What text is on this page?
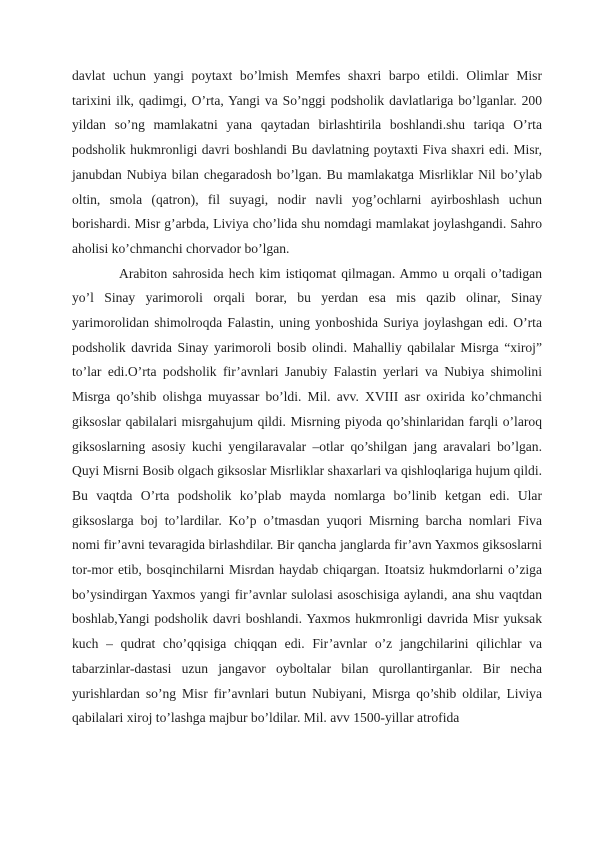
davlat uchun yangi poytaxt bo’lmish Memfes shaxri barpo etildi. Olimlar Misr tarixini ilk, qadimgi, O’rta, Yangi va So’nggi podsholik davlatlariga bo’lganlar. 200 yildan so’ng mamlakatni yana qaytadan birlashtirila boshlandi.shu tariqa O’rta podsholik hukmronligi davri boshlandi Bu davlatning poytaxti Fiva shaxri edi. Misr, janubdan Nubiya bilan chegaradosh bo’lgan. Bu mamlakatga Misrliklar Nil bo’ylab oltin, smola (qatron), fil suyagi, nodir navli yog’ochlarni ayirboshlash uchun borishardi. Misr g’arbda, Liviya cho’lida shu nomdagi mamlakat joylashgandi. Sahro aholisi ko’chmanchi chorvador bo’lgan.

Arabiton sahrosida hech kim istiqomat qilmagan. Ammo u orqali o’tadigan yo’l Sinay yarimoroli orqali borar, bu yerdan esa mis qazib olinar, Sinay yarimorolidan shimolroqda Falastin, uning yonboshida Suriya joylashgan edi. O’rta podsholik davrida Sinay yarimoroli bosib olindi. Mahalliy qabilalar Misrga “xiroj” to’lar edi.O’rta podsholik fir’avnlari Janubiy Falastin yerlari va Nubiya shimolini Misrga qo’shib olishga muyassar bo’ldi. Mil. avv. XVIII asr oxirida ko’chmanchi giksoslar qabilalari misrgahujum qildi. Misrning piyoda qo’shinlaridan farqli o’laroq giksoslarning asosiy kuchi yengilaravalar –otlar qo’shilgan jang aravalari bo’lgan. Quyi Misrni Bosib olgach giksoslar Misrliklar shaxarlari va qishloqlariga hujum qildi. Bu vaqtda O’rta podsholik ko’plab mayda nomlarga bo’linib ketgan edi. Ular giksoslarga boj to’lardilar. Ko’p o’tmasdan yuqori Misrning barcha nomlari Fiva nomi fir’avni tevaragida birlashdilar. Bir qancha janglarda fir’avn Yaxmos giksoslarni tor-mor etib, bosqinchilarni Misrdan haydab chiqargan. Itoatsiz hukmdorlarni o’ziga bo’ysindirgan Yaxmos yangi fir’avnlar sulolasi asoschisiga aylandi, ana shu vaqtdan boshlab,Yangi podsholik davri boshlandi. Yaxmos hukmronligi davrida Misr yuksak kuch – qudrat cho’qqisiga chiqqan edi. Fir’avnlar o’z jangchilarini qilichlar va tabarzinlar-dastasi uzun jangavor oyboltalar bilan qurollantirganlar. Bir necha yurishlardan so’ng Misr fir’avnlari butun Nubiyani, Misrga qo’shib oldilar, Liviya qabilalari xiroj to’lashga majbur bo’ldilar. Mil. avv 1500-yillar atrofida
